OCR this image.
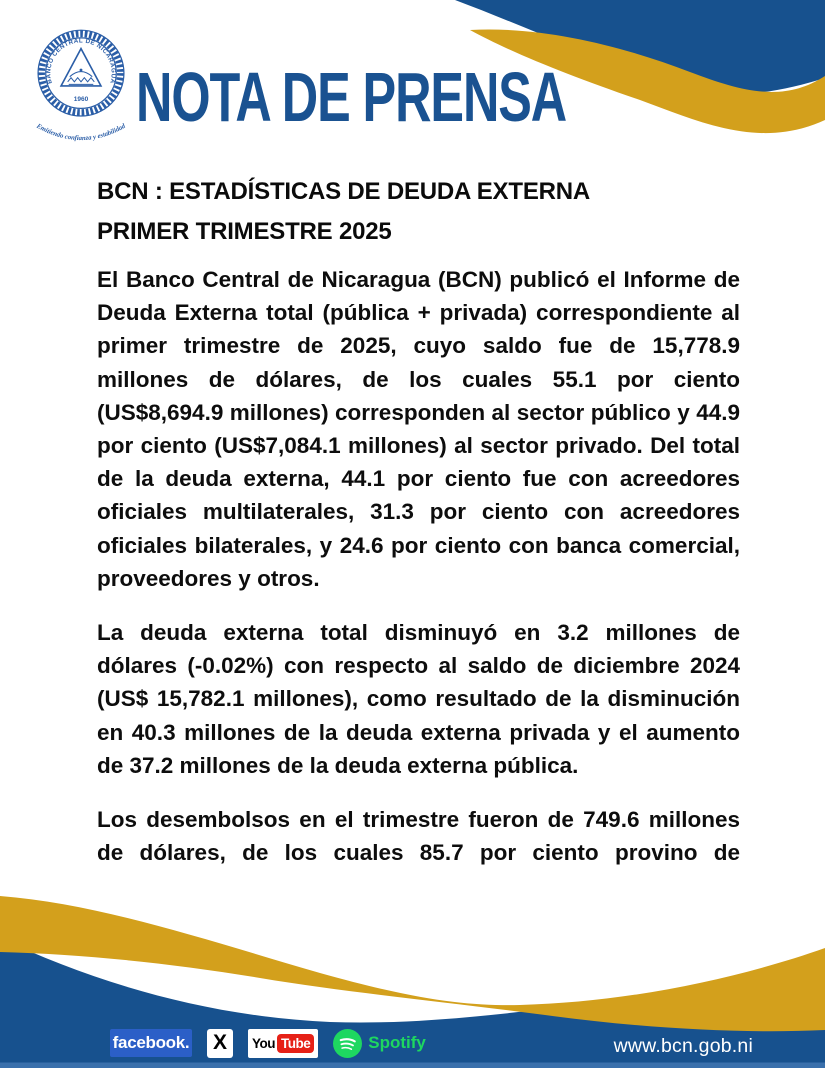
BANCO CENTRAL DE NICARAGUA
1960
Emitiendo confianza y estabilidad NOTA DE PRENSA
BCN : ESTADÍSTICAS DE DEUDA EXTERNA
PRIMER TRIMESTRE 2025

El Banco Central de Nicaragua (BCN) publicó el Informe de Deuda Externa total (pública + privada) correspondiente al primer trimestre de 2025, cuyo saldo fue de 15,778.9 millones de dólares, de los cuales 55.1 por ciento (US$8,694.9 millones) corresponden al sector público y 44.9 por ciento (US$7,084.1 millones) al sector privado. Del total de la deuda externa, 44.1 por ciento fue con acreedores oficiales multilaterales, 31.3 por ciento con acreedores oficiales bilaterales, y 24.6 por ciento con banca comercial, proveedores y otros.

La deuda externa total disminuyó en 3.2 millones de dólares (-0.02%) con respecto al saldo de diciembre 2024 (US$ 15,782.1 millones), como resultado de la disminución en 40.3 millones de la deuda externa privada y el aumento de 37.2 millones de la deuda externa pública.

Los desembolsos en el trimestre fueron de 749.6 millones de dólares, de los cuales 85.7 por ciento provino de

facebook. X You Tube	Spotify	www.bcn.gob.ni
